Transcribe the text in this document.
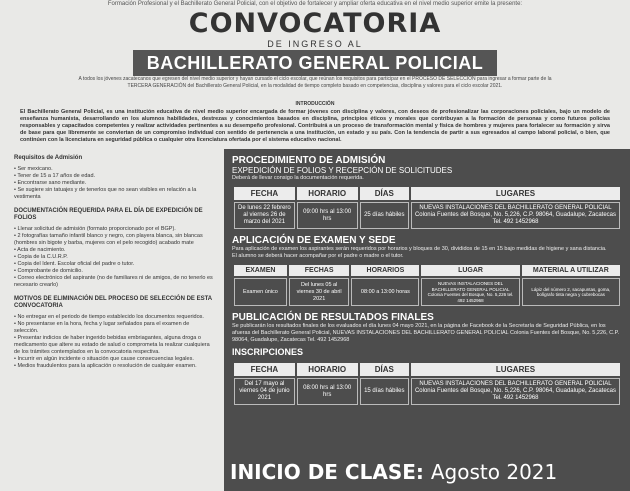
Formación Profesional y el Bachillerato General Policial, con el objetivo de fortalecer y ampliar oferta educativa en el nivel medio superior emite la presente:
CONVOCATORIA
DE INGRESO AL
BACHILLERATO GENERAL POLICIAL
A todos los jóvenes zacatecanos que egresen del nivel medio superior y hayan cursado el ciclo escolar, que reúnan los requisitos para participar en el PROCESO DE SELECCIÓN para ingresar a formar parte de la TERCERA GENERACIÓN del Bachillerato General Policial, en la modalidad de tiempo completo basado en competencias, disciplina y valores para el ciclo escolar 2021.
INTRODUCCIÓN
El Bachillerato General Policial, es una institución educativa de nivel medio superior encargada de formar jóvenes con disciplina y valores, con deseos de profesionalizar las corporaciones policiales, bajo un modelo de enseñanza humanista, desarrollando en los alumnos habilidades, destrezas y conocimientos basados en disciplina, principios éticos y morales que contribuyan a la formación de personas y como futuros policías responsables y capacitados competentes y realizar actividades pertinentes a su desempeño profesional. Contribuirá a un proceso de transformación mental y física de hombres y mujeres para fortalecer su formación y sirva de base para que libremente se conviertan de un compromiso individual con sentido de pertenencia a una institución, un estado y su país. Con la tendencia de partir a sus egresados al campo laboral policial, o bien, que continúen con la licenciatura en seguridad pública o cualquier otra licenciatura ofertada por el sistema educativo nacional.
Requisitos de Admisión
• Ser mexicano.
• Tener de 15 a 17 años de edad.
• Encontrarse sano mediante.
• Se sugiere sin tatuajes y de tenerlos que no sean visibles en relación a la vestimenta
DOCUMENTACIÓN REQUERIDA PARA EL DÍA DE EXPEDICIÓN DE FOLIOS
• Llenar solicitud de admisión (formato proporcionado por el BGP).
• 2 fotografías tamaño infantil blanco y negro, con playera blanca, sin blancas (hombres sin bigote y barba, mujeres con el pelo recogido) acabado mate
• Acta de nacimiento.
• Copia de la C.U.R.P.
• Copia del Ident. Escolar oficial del padre o tutor.
• Comprobante de domicilio.
• Correo electrónico del aspirante (no de familiares ni de amigos, de no tenerlo es necesario crearlo)
MOTIVOS DE ELIMINACIÓN DEL PROCESO DE SELECCIÓN DE ESTA CONVOCATORIA
• No entregar en el periodo de tiempo establecido los documentos requeridos.
• No presentarse en la hora, fecha y lugar señalados para el examen de selección.
• Presentar indicios de haber ingerido bebidas embriagantes, alguna droga o medicamento que altere su estado de salud o comprometa la realizar cualquiera de los trámites contemplados en la convocatoria respectiva.
• Incurrir en algún incidente o situación que cause consecuencias legales.
• Medios fraudulentos para la aplicación o resolución de cualquier examen.
PROCEDIMIENTO DE ADMISIÓN
EXPEDICIÓN DE FOLIOS Y RECEPCIÓN DE SOLICITUDES
Deberá de llevar consigo la documentación requerida.
FECHA	HORARIO	DÍAS	LUGARES
De lunes 22 febrero al viernes 26 de marzo del 2021	09:00 hrs al 13:00 hrs	25 días hábiles	NUEVAS INSTALACIONES DEL BACHILLERATO GENERAL POLICIAL Colonia Fuentes del Bosque, No. 5,226, C.P. 98064, Guadalupe, Zacatecas Tel. 492 1452968
APLICACIÓN DE EXAMEN Y SEDE
Para aplicación de examen los aspirantes serán requeridos por horarios y bloques de 30, divididos de 15 en 15 bajo medidas de higiene y sana distancia.
El alumno se deberá hacer acompañar por el padre o madre o el tutor.
EXAMEN	FECHAS	HORARIOS	LUGAR	MATERIAL A UTILIZAR
Examen único	Del lunes 05 al viernes 30 de abril 2021	08:00 a 13:00 horas	NUEVAS INSTALACIONES DEL BACHILLERATO GENERAL POLICIAL Colonia Fuentes del Bosque, No. 5,226 tel. 492 1452968	Lápiz del número 2, sacapuntas, goma, bolígrafo tinta negra y cubrebocas
PUBLICACIÓN DE RESULTADOS FINALES
Se publicarán los resultados finales de los evaluados el día lunes 04 mayo 2021, en la página de Facebook de la Secretaría de Seguridad Pública, en los afueras del Bachillerato General Policial, NUEVAS INSTALACIONES DEL BACHILLERATO GENERAL POLICIAL Colonia Fuentes del Bosque, No. 5,226, C.P. 98064, Guadalupe, Zacatecas Tel. 492 1452968
INSCRIPCIONES
FECHA	HORARIO	DÍAS	LUGARES
Del 17 mayo al viernes 04 de junio 2021	08:00 hrs al 13:00 hrs	15 días hábiles	NUEVAS INSTALACIONES DEL BACHILLERATO GENERAL POLICIAL Colonia Fuentes del Bosque, No. 5,226, C.P. 98064, Guadalupe, Zacatecas Tel. 492 1452968
INICIO DE CLASE: Agosto 2021
